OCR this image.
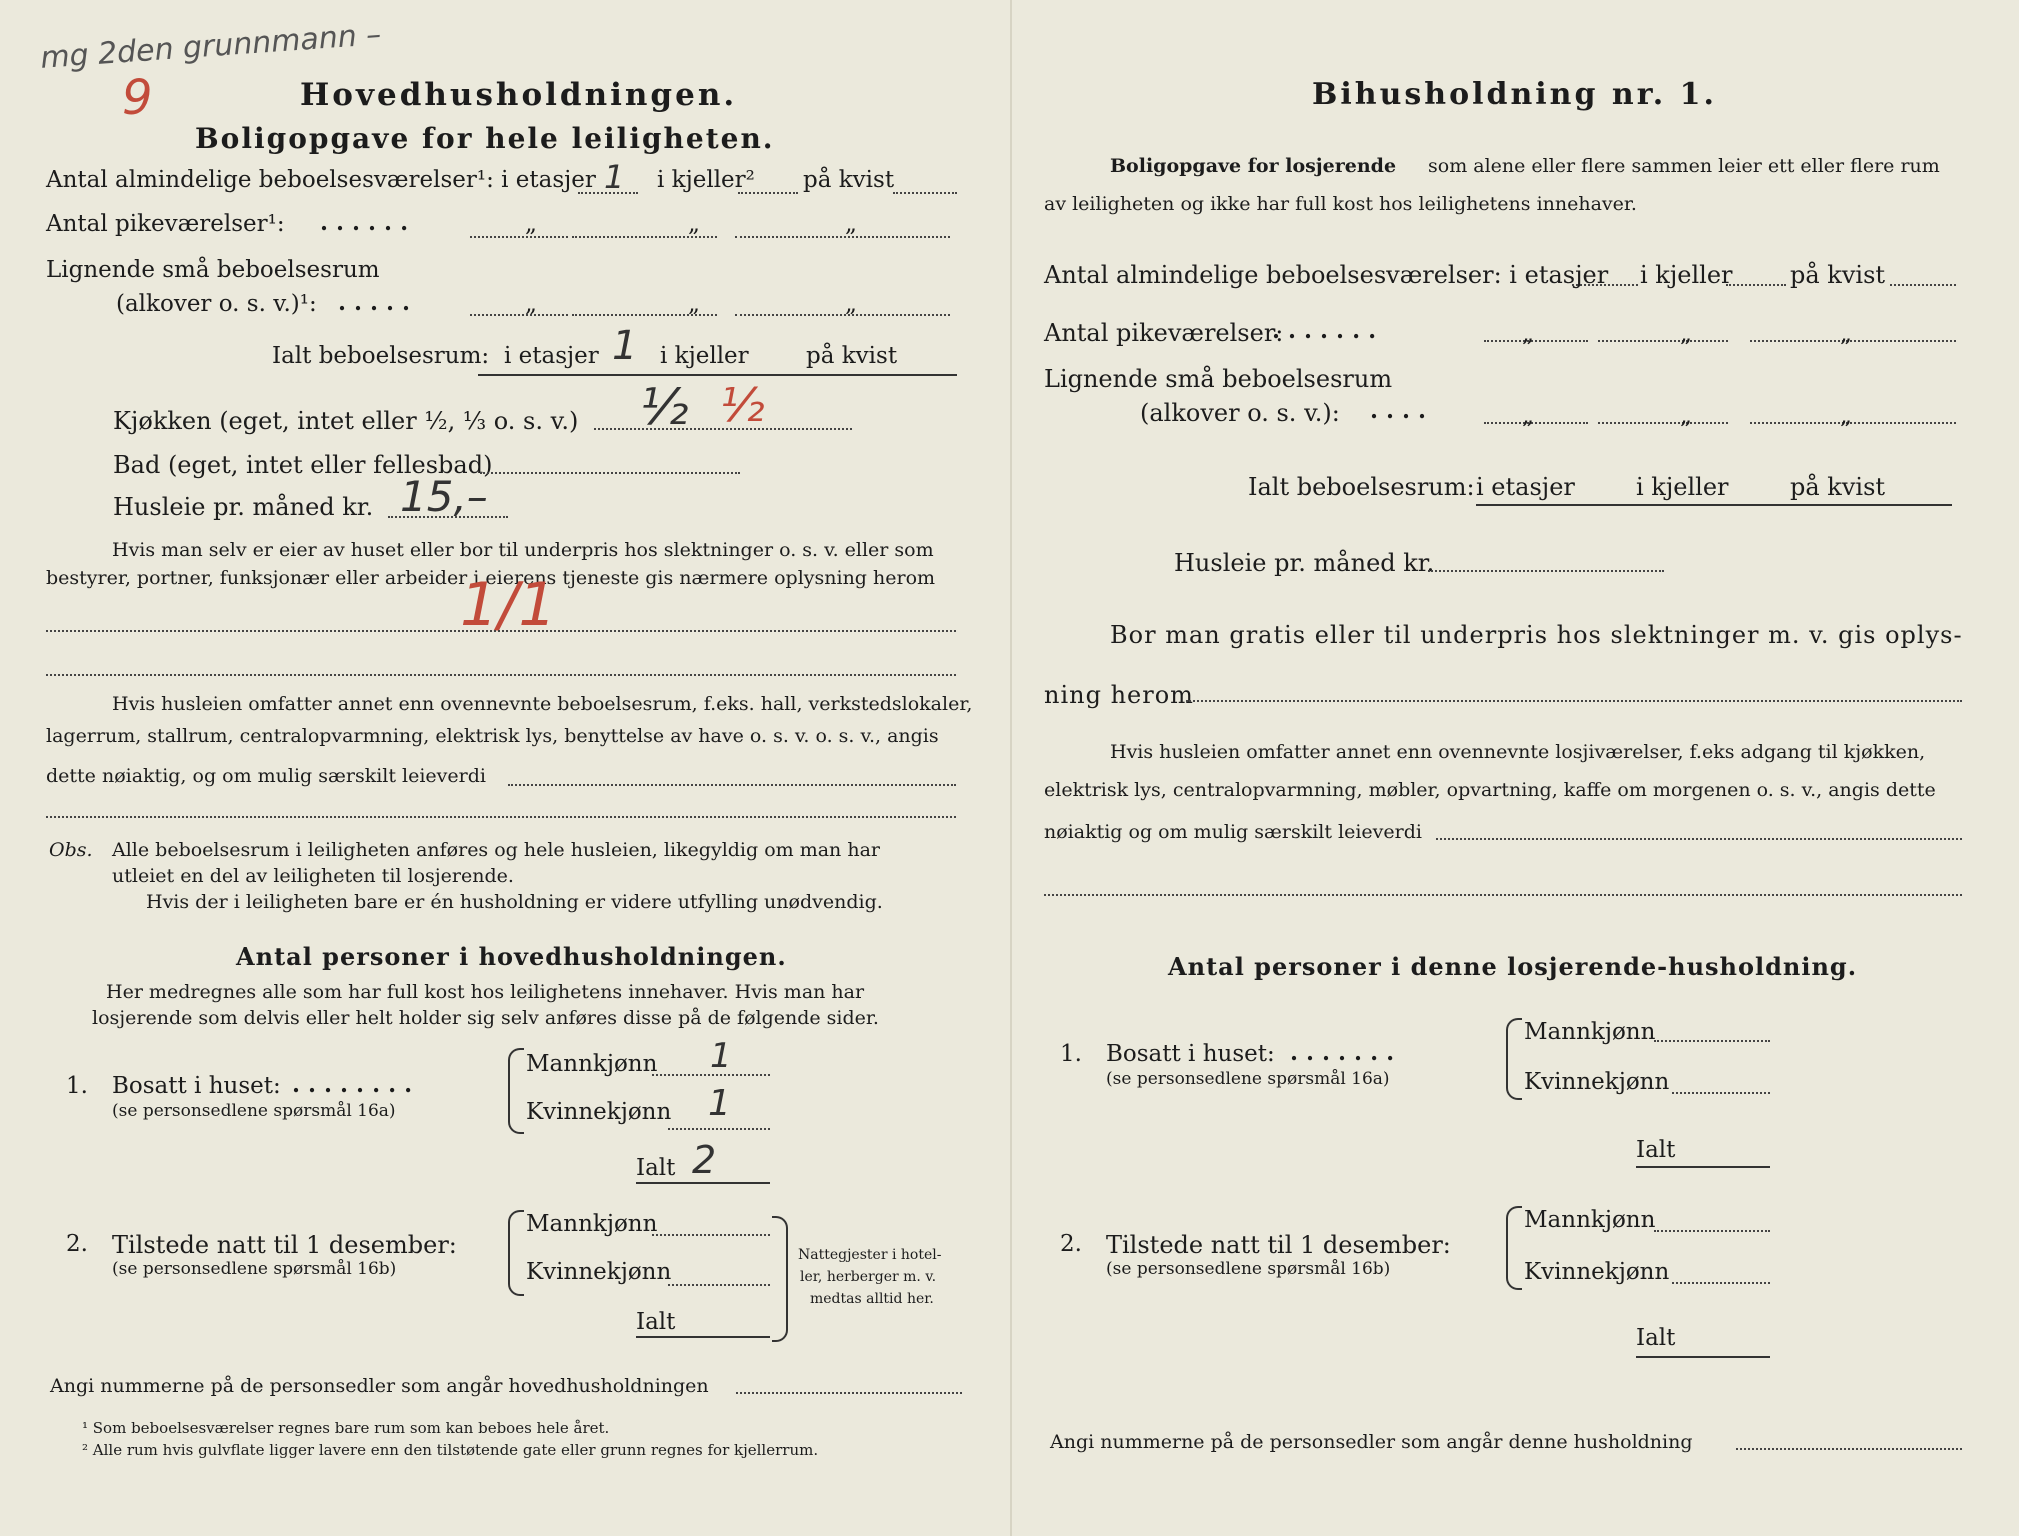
mg 2den grunnmann –
9	Hovedhusholdningen.
Boligopgave for hele leiligheten.
Antal almindelige beboelsesværelser¹: i etasjer 1 i kjeller² på kvist
Antal pikeværelser¹: . . . . . .	„	„	„
Lignende små beboelsesrum
(alkover o. s. v.)¹: . . . . .	„	„	„
Ialt beboelsesrum: i etasjer 1 i kjeller på kvist
Kjøkken (eget, intet eller ½, ⅓ o. s. v.) ½ ½
Bad (eget, intet eller fellesbad)
Husleie pr. måned kr. 15,–
Hvis man selv er eier av huset eller bor til underpris hos slektninger o. s. v. eller som
bestyrer, portner, funksjonær eller arbeider i eierens tjeneste gis nærmere oplysning herom
1/1
Hvis husleien omfatter annet enn ovennevnte beboelsesrum, f.eks. hall, verkstedslokaler,
lagerrum, stallrum, centralopvarmning, elektrisk lys, benyttelse av have o. s. v. o. s. v., angis
dette nøiaktig, og om mulig særskilt leieverdi
Obs. Alle beboelsesrum i leiligheten anføres og hele husleien, likegyldig om man har
utleiet en del av leiligheten til losjerende.
Hvis der i leiligheten bare er én husholdning er videre utfylling unødvendig.
Antal personer i hovedhusholdningen.
Her medregnes alle som har full kost hos leilighetens innehaver. Hvis man har
losjerende som delvis eller helt holder sig selv anføres disse på de følgende sider.
1. Bosatt i huset: . . . . . . . .
(se personsedlene spørsmål 16a)
Mannkjønn 1
Kvinnekjønn 1
Ialt 2
2. Tilstede natt til 1 desember:
(se personsedlene spørsmål 16b)
Mannkjønn
Kvinnekjønn
Ialt
Nattegjester i hotel-
ler, herberger m. v.
medtas alltid her.
Angi nummerne på de personsedler som angår hovedhusholdningen
¹ Som beboelsesværelser regnes bare rum som kan beboes hele året.
² Alle rum hvis gulvflate ligger lavere enn den tilstøtende gate eller grunn regnes for kjellerrum.
Bihusholdning nr. 1.
Boligopgave for losjerende som alene eller flere sammen leier ett eller flere rum
av leiligheten og ikke har full kost hos leilighetens innehaver.
Antal almindelige beboelsesværelser: i etasjer i kjeller på kvist
Antal pikeværelser:
. . . . . . .	„	„	„
Lignende små beboelsesrum
(alkover o. s. v.): . . . .	„	„	„
Ialt beboelsesrum: i etasjer	i kjeller	på kvist
Husleie pr. måned kr.
Bor man gratis eller til underpris hos slektninger m. v. gis oplys-
ning herom
Hvis husleien omfatter annet enn ovennevnte losjiværelser, f.eks adgang til kjøkken,
elektrisk lys, centralopvarmning, møbler, opvartning, kaffe om morgenen o. s. v., angis dette
nøiaktig og om mulig særskilt leieverdi
Antal personer i denne losjerende-husholdning.
1. Bosatt i huset: . . . . . . .
(se personsedlene spørsmål 16a)
Mannkjønn
Kvinnekjønn
Ialt
2. Tilstede natt til 1 desember:
(se personsedlene spørsmål 16b)
Mannkjønn
Kvinnekjønn
Ialt
Angi nummerne på de personsedler som angår denne husholdning
